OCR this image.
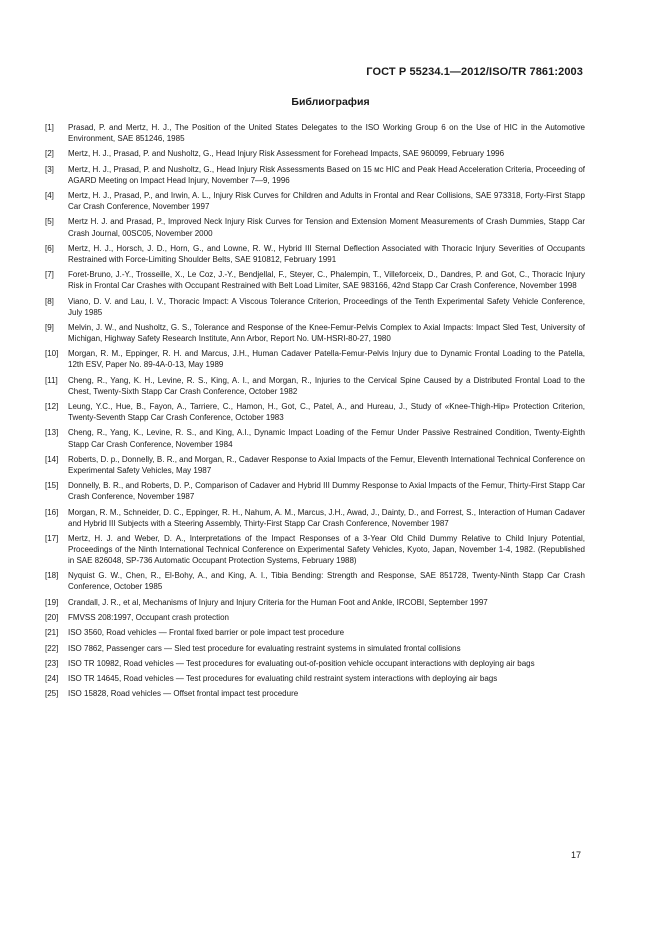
ГОСТ Р 55234.1—2012/ISO/TR 7861:2003
Библиография
[1]	Prasad, P. and Mertz, H. J., The Position of the United States Delegates to the ISO Working Group 6 on the Use of HIC in the Automotive Environment, SAE 851246, 1985
[2]	Mertz, H. J., Prasad, P. and Nusholtz, G., Head Injury Risk Assessment for Forehead Impacts, SAE 960099, February 1996
[3]	Mertz, H. J., Prasad, P. and Nusholtz, G., Head Injury Risk Assessments Based on 15 мс HIC and Peak Head Acceleration Criteria, Proceeding of AGARD Meeting on Impact Head Injury, November 7—9, 1996
[4]	Mertz, H. J., Prasad, P., and Irwin, A. L., Injury Risk Curves for Children and Adults in Frontal and Rear Collisions, SAE 973318, Forty-First Stapp Car Crash Conference, November 1997
[5]	Mertz H. J. and Prasad, P., Improved Neck Injury Risk Curves for Tension and Extension Moment Measurements of Crash Dummies, Stapp Car Crash Journal, 00SC05, November 2000
[6]	Mertz, H. J., Horsch, J. D., Horn, G., and Lowne, R. W., Hybrid III Sternal Deflection Associated with Thoracic Injury Severities of Occupants Restrained with Force-Limiting Shoulder Belts, SAE 910812, February 1991
[7]	Foret-Bruno, J.-Y., Trosseille, X., Le Coz, J.-Y., Bendjellal, F., Steyer, C., Phalempin, T., Villeforceix, D., Dandres, P. and Got, C., Thoracic Injury Risk in Frontal Car Crashes with Occupant Restrained with Belt Load Limiter, SAE 983166, 42nd Stapp Car Crash Conference, November 1998
[8]	Viano, D. V. and Lau, I. V., Thoracic Impact: A Viscous Tolerance Criterion, Proceedings of the Tenth Experimental Safety Vehicle Conference, July 1985
[9]	Melvin, J. W., and Nusholtz, G. S., Tolerance and Response of the Knee-Femur-Pelvis Complex to Axial Impacts: Impact Sled Test, University of Michigan, Highway Safety Research Institute, Ann Arbor, Report No. UM-HSRI-80-27, 1980
[10]	Morgan, R. M., Eppinger, R. H. and Marcus, J.H., Human Cadaver Patella-Femur-Pelvis Injury due to Dynamic Frontal Loading to the Patella, 12th ESV, Paper No. 89-4A-0-13, May 1989
[11]	Cheng, R., Yang, K. H., Levine, R. S., King, A. I., and Morgan, R., Injuries to the Cervical Spine Caused by a Distributed Frontal Load to the Chest, Twenty-Sixth Stapp Car Crash Conference, October 1982
[12]	Leung, Y.C., Hue, B., Fayon, A., Tarriere, C., Hamon, H., Got, C., Patel, A., and Hureau, J., Study of «Knee-Thigh-Hip» Protection Criterion, Twenty-Seventh Stapp Car Crash Conference, October 1983
[13]	Cheng, R., Yang, K., Levine, R. S., and King, A.I., Dynamic Impact Loading of the Femur Under Passive Restrained Condition, Twenty-Eighth Stapp Car Crash Conference, November 1984
[14]	Roberts, D. p., Donnelly, B. R., and Morgan, R., Cadaver Response to Axial Impacts of the Femur, Eleventh International Technical Conference on Experimental Safety Vehicles, May 1987
[15]	Donnelly, B. R., and Roberts, D. P., Comparison of Cadaver and Hybrid III Dummy Response to Axial Impacts of the Femur, Thirty-First Stapp Car Crash Conference, November 1987
[16]	Morgan, R. M., Schneider, D. C., Eppinger, R. H., Nahum, A. M., Marcus, J.H., Awad, J., Dainty, D., and Forrest, S., Interaction of Human Cadaver and Hybrid III Subjects with a Steering Assembly, Thirty-First Stapp Car Crash Conference, November 1987
[17]	Mertz, H. J. and Weber, D. A., Interpretations of the Impact Responses of a 3-Year Old Child Dummy Relative to Child Injury Potential, Proceedings of the Ninth International Technical Conference on Experimental Safety Vehicles, Kyoto, Japan, November 1-4, 1982. (Republished in SAE 826048, SP-736 Automatic Occupant Protection Systems, February 1988)
[18]	Nyquist G. W., Chen, R., El-Bohy, A., and King, A. I., Tibia Bending: Strength and Response, SAE 851728, Twenty-Ninth Stapp Car Crash Conference, October 1985
[19]	Crandall, J. R., et al, Mechanisms of Injury and Injury Criteria for the Human Foot and Ankle, IRCOBI, September 1997
[20]	FMVSS 208:1997, Occupant crash protection
[21]	ISO 3560, Road vehicles — Frontal fixed barrier or pole impact test procedure
[22]	ISO 7862, Passenger cars — Sled test procedure for evaluating restraint systems in simulated frontal collisions
[23]	ISO TR 10982, Road vehicles — Test procedures for evaluating out-of-position vehicle occupant interactions with deploying air bags
[24]	ISO TR 14645, Road vehicles — Test procedures for evaluating child restraint system interactions with deploying air bags
[25]	ISO 15828, Road vehicles — Offset frontal impact test procedure
17
